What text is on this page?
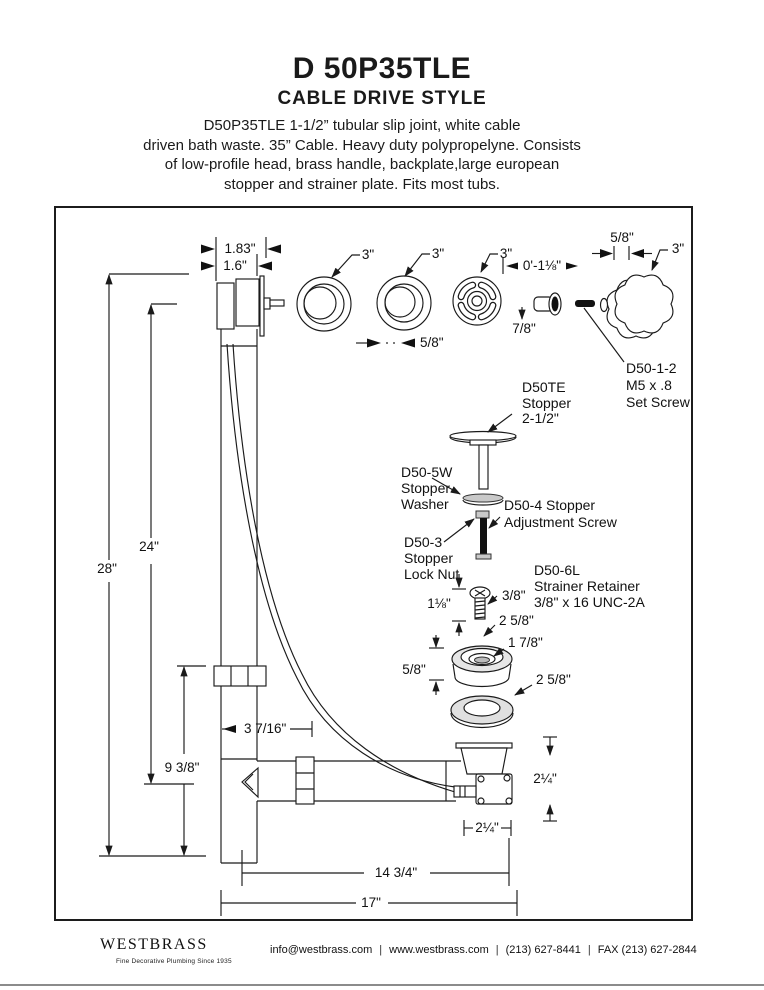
D 50P35TLE
CABLE DRIVE STYLE
D50P35TLE 1-1/2” tubular slip joint, white cable
driven bath waste. 35” Cable. Heavy duty polypropelyne. Consists
of low-profile head, brass handle, backplate,large european
stopper and strainer plate. Fits most tubs.
1.83"
1.6"
3"	3"	3"
5/8"
0'-1⅛"
7/8"
D50-1-2
M5 x .8
Set Screw
5/8"
3"
28"
24"
9 3/8"
D50TE
Stopper
2-1/2"
D50-5W
Stopper
Washer
D50-3
Stopper
Lock Nut
D50-4 Stopper
Adjustment Screw
1⅛"
3/8"
D50-6L
Strainer Retainer
3/8" x 16 UNC-2A
2 5/8"
1 7/8"
5/8"
2 5/8"
3 7/16"
2¼"
2¼"
14 3/4"
17"
WESTBRASS
Fine Decorative Plumbing Since 1935
info@westbrass.com | www.westbrass.com | (213) 627-8441 | FAX (213) 627-2844
